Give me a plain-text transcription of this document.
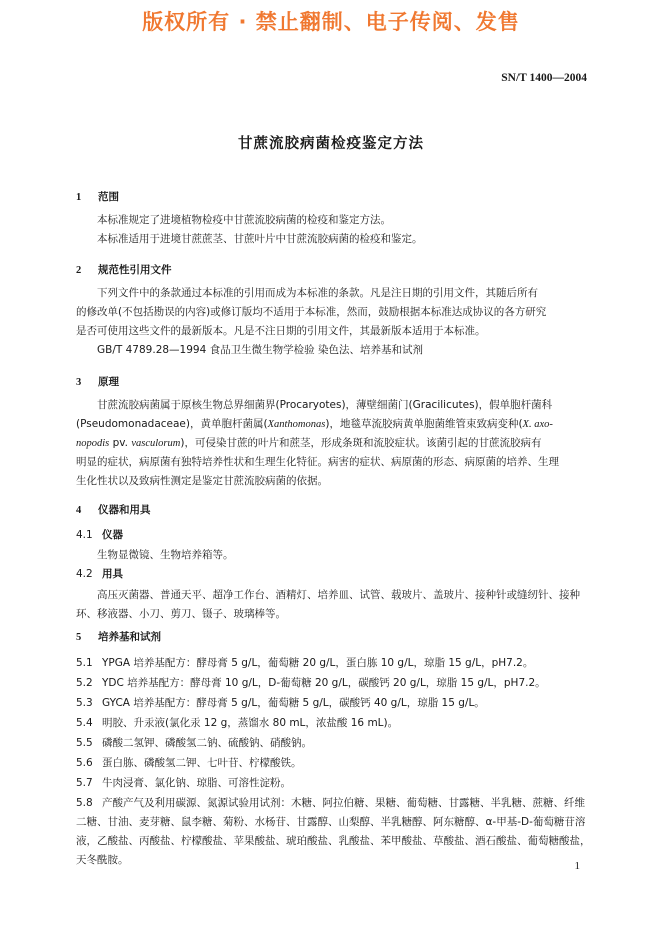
版权所有 · 禁止翻制、电子传阅、发售
SN/T 1400—2004
甘蔗流胶病菌检疫鉴定方法
1 范围
本标准规定了进境植物检疫中甘蔗流胶病菌的检疫和鉴定方法。
本标准适用于进境甘蔗蔗茎、甘蔗叶片中甘蔗流胶病菌的检疫和鉴定。
2 规范性引用文件
下列文件中的条款通过本标准的引用而成为本标准的条款。凡是注日期的引用文件，其随后所有
的修改单(不包括勘误的内容)或修订版均不适用于本标准，然而，鼓励根据本标准达成协议的各方研究
是否可使用这些文件的最新版本。凡是不注日期的引用文件，其最新版本适用于本标准。
GB/T 4789.28—1994 食品卫生微生物学检验 染色法、培养基和试剂
3 原理
甘蔗流胶病菌属于原核生物总界细菌界(Procaryotes)，薄壁细菌门(Gracilicutes)，假单胞杆菌科
(Pseudomonadaceae)，黄单胞杆菌属(Xanthomonas)，地毯草流胶病黄单胞菌维管束致病变种(X. axo-
nopodis pv. vasculorum)，可侵染甘蔗的叶片和蔗茎，形成条斑和流胶症状。该菌引起的甘蔗流胶病有
明显的症状，病原菌有独特培养性状和生理生化特征。病害的症状、病原菌的形态、病原菌的培养、生理
生化性状以及致病性测定是鉴定甘蔗流胶病菌的依据。
4 仪器和用具
4.1 仪器
生物显微镜、生物培养箱等。
4.2 用具
高压灭菌器、普通天平、超净工作台、酒精灯、培养皿、试管、载玻片、盖玻片、接种针或缝纫针、接种
环、移液器、小刀、剪刀、镊子、玻璃棒等。
5 培养基和试剂
5.1 YPGA 培养基配方：酵母膏 5 g/L，葡萄糖 20 g/L，蛋白胨 10 g/L，琼脂 15 g/L，pH7.2。
5.2 YDC 培养基配方：酵母膏 10 g/L，D-葡萄糖 20 g/L，碳酸钙 20 g/L，琼脂 15 g/L，pH7.2。
5.3 GYCA 培养基配方：酵母膏 5 g/L，葡萄糖 5 g/L，碳酸钙 40 g/L，琼脂 15 g/L。
5.4 明胶、升汞液(氯化汞 12 g，蒸馏水 80 mL，浓盐酸 16 mL)。
5.5 磷酸二氢钾、磷酸氢二钠、硫酸钠、硝酸钠。
5.6 蛋白胨、磷酸氢二钾、七叶苷、柠檬酸铁。
5.7 牛肉浸膏、氯化钠、琼脂、可溶性淀粉。
5.8 产酸产气及利用碳源、氮源试验用试剂：木糖、阿拉伯糖、果糖、葡萄糖、甘露糖、半乳糖、蔗糖、纤维
二糖、甘油、麦芽糖、鼠李糖、菊粉、水杨苷、甘露醇、山梨醇、半乳糖醇、阿东糖醇、α-甲基-D-葡萄糖苷溶
液，乙酸盐、丙酸盐、柠檬酸盐、苹果酸盐、琥珀酸盐、乳酸盐、苯甲酸盐、草酸盐、酒石酸盐、葡萄糖酸盐，
天冬酰胺。	1
